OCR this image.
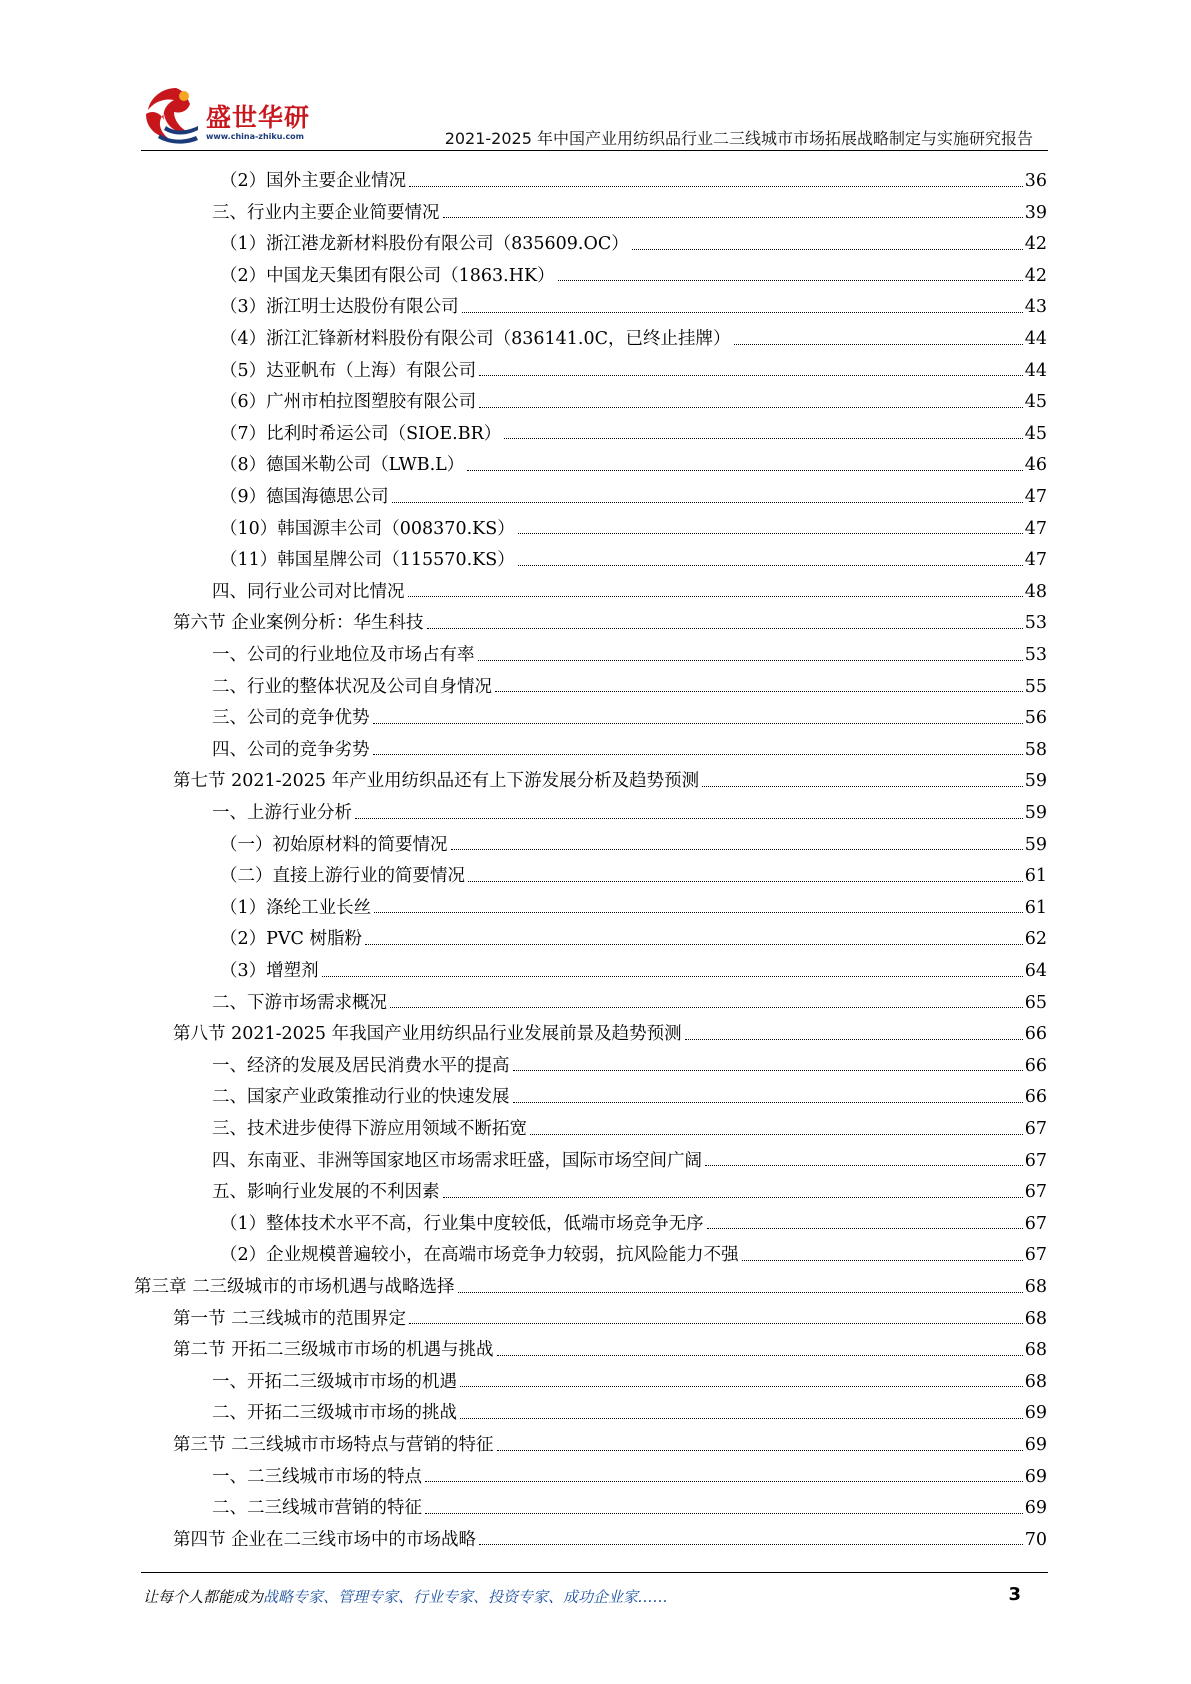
盛世华研
www.china-zhiku.com	2021-2025 年中国产业用纺织品行业二三线城市市场拓展战略制定与实施研究报告
（2）国外主要企业情况	36
三、行业内主要企业简要情况	39
（1）浙江港龙新材料股份有限公司（835609.OC）	42
（2）中国龙天集团有限公司（1863.HK）	42
（3）浙江明士达股份有限公司	43
（4）浙江汇锋新材料股份有限公司（836141.0C，已终止挂牌）	44
（5）达亚帆布（上海）有限公司	44
（6）广州市柏拉图塑胶有限公司	45
（7）比利时希运公司（SIOE.BR）	45
（8）德国米勒公司（LWB.L）	46
（9）德国海德思公司	47
（10）韩国源丰公司（008370.KS）	47
（11）韩国星牌公司（115570.KS）	47
四、同行业公司对比情况	48
第六节 企业案例分析：华生科技	53
一、公司的行业地位及市场占有率	53
二、行业的整体状况及公司自身情况	55
三、公司的竞争优势	56
四、公司的竞争劣势	58
第七节 2021-2025 年产业用纺织品还有上下游发展分析及趋势预测	59
一、上游行业分析	59
（一）初始原材料的简要情况	59
（二）直接上游行业的简要情况	61
（1）涤纶工业长丝	61
（2）PVC 树脂粉	62
（3）增塑剂	64
二、下游市场需求概况	65
第八节 2021-2025 年我国产业用纺织品行业发展前景及趋势预测	66
一、经济的发展及居民消费水平的提高	66
二、国家产业政策推动行业的快速发展	66
三、技术进步使得下游应用领域不断拓宽	67
四、东南亚、非洲等国家地区市场需求旺盛，国际市场空间广阔	67
五、影响行业发展的不利因素	67
（1）整体技术水平不高，行业集中度较低，低端市场竞争无序	67
（2）企业规模普遍较小，在高端市场竞争力较弱，抗风险能力不强	67
第三章 二三级城市的市场机遇与战略选择	68
第一节 二三线城市的范围界定	68
第二节 开拓二三级城市市场的机遇与挑战	68
一、开拓二三级城市市场的机遇	68
二、开拓二三级城市市场的挑战	69
第三节 二三线城市市场特点与营销的特征	69
一、二三线城市市场的特点	69
二、二三线城市营销的特征	69
第四节 企业在二三线市场中的市场战略	70
让每个人都能成为战略专家、管理专家、行业专家、投资专家、成功企业家……	3
